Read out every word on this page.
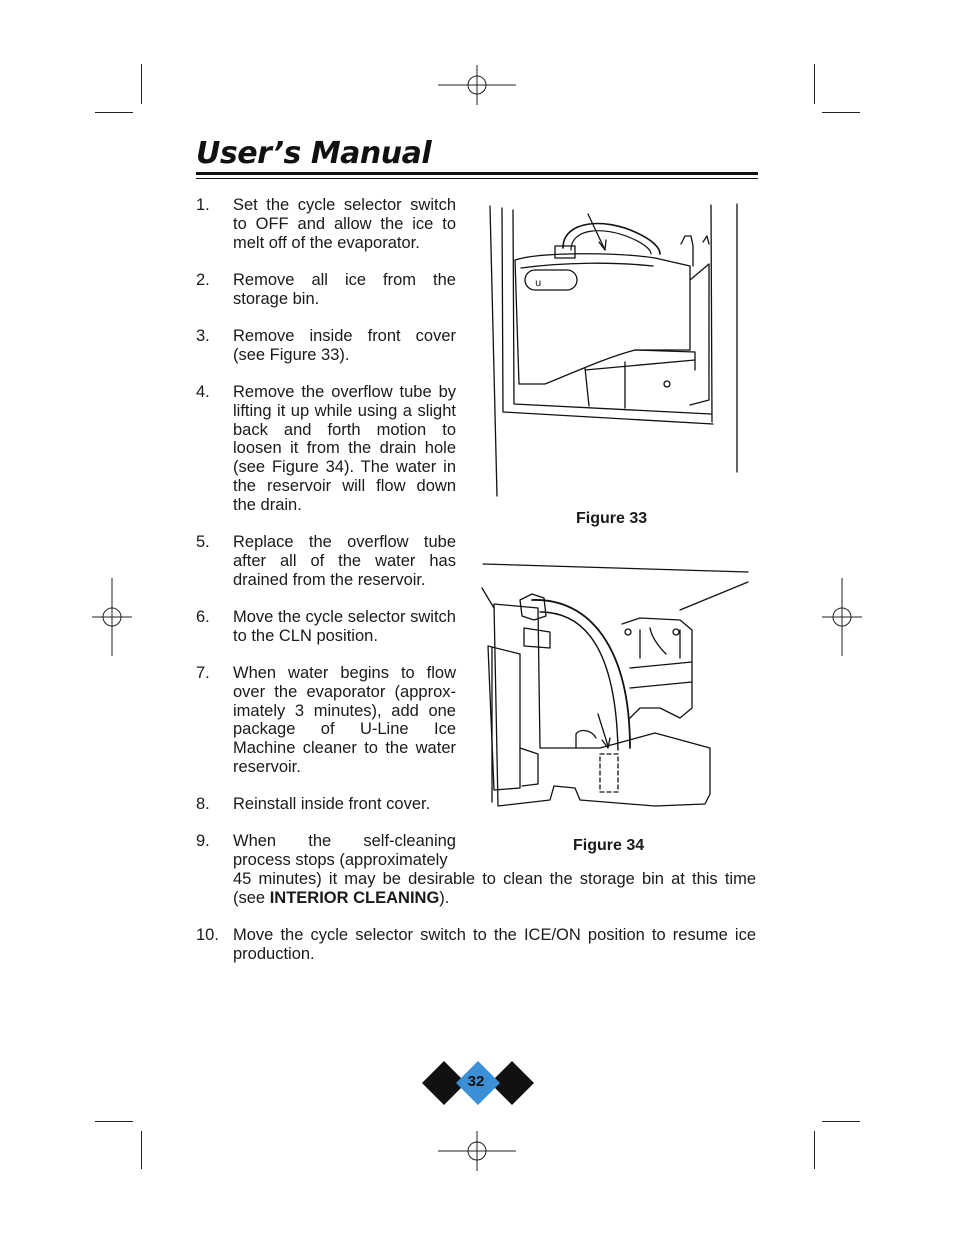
User’s Manual
1. Set the cycle selector switch to OFF and allow the ice to melt off of the evaporator.
2. Remove all ice from the storage bin.
3. Remove inside front cover (see Figure 33).
4. Remove the overflow tube by lifting it up while using a slight back and forth motion to loosen it from the drain hole (see Figure 34). The water in the reservoir will flow down the drain.
5. Replace the overflow tube after all of the water has drained from the reservoir.
6. Move the cycle selector switch to the CLN position.
7. When water begins to flow over the evaporator (approx-imately 3 minutes), add one package of U-Line Ice Machine cleaner to the water reservoir.
8. Reinstall inside front cover.
9. When the self-cleaning process stops (approximately
45 minutes) it may be desirable to clean the storage bin at this time (see INTERIOR CLEANING).
10. Move the cycle selector switch to the ICE/ON position to resume ice production.
u
Figure 33
Figure 34
32
